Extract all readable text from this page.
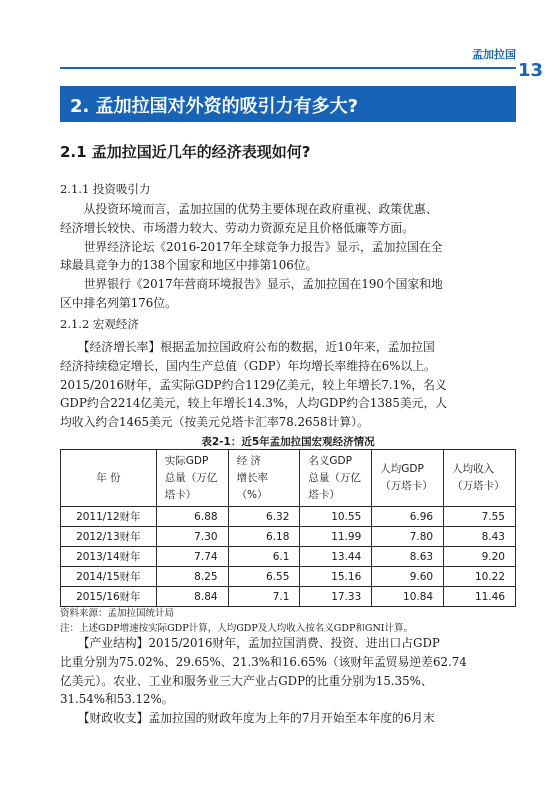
孟加拉国
13
2. 孟加拉国对外资的吸引力有多大?
2.1 孟加拉国近几年的经济表现如何?
2.1.1 投资吸引力
　　从投资环境而言，孟加拉国的优势主要体现在政府重视、政策优惠、
经济增长较快、市场潜力较大、劳动力资源充足且价格低廉等方面。
　　世界经济论坛《2016-2017年全球竞争力报告》显示，孟加拉国在全
球最具竞争力的138个国家和地区中排第106位。
　　世界银行《2017年营商环境报告》显示，孟加拉国在190个国家和地
区中排名列第176位。
2.1.2 宏观经济
　　【经济增长率】根据孟加拉国政府公布的数据，近10年来，孟加拉国
经济持续稳定增长，国内生产总值（GDP）年均增长率维持在6%以上。
2015/2016财年，孟实际GDP约合1129亿美元，较上年增长7.1%，名义
GDP约合2214亿美元，较上年增长14.3%，人均GDP约合1385美元，人
均收入约合1465美元（按美元兑塔卡汇率78.2658计算）。
表2-1：近5年孟加拉国宏观经济情况
年 份	实际GDP
总量（万亿
塔卡）	经 济
增长率
（%）	名义GDP
总量（万亿
塔卡）	人均GDP
（万塔卡）	人均收入
（万塔卡）
2011/12财年	6.88	6.32	10.55	6.96	7.55
2012/13财年	7.30	6.18	11.99	7.80	8.43
2013/14财年	7.74	6.1	13.44	8.63	9.20
2014/15财年	8.25	6.55	15.16	9.60	10.22
2015/16财年	8.84	7.1	17.33	10.84	11.46
资料来源：孟加拉国统计局
注：上述GDP增速按实际GDP计算，人均GDP及人均收入按名义GDP和GNI计算。
　　【产业结构】2015/2016财年，孟加拉国消费、投资、进出口占GDP
比重分别为75.02%、29.65%、21.3%和16.65%（该财年孟贸易逆差62.74
亿美元）。农业、工业和服务业三大产业占GDP的比重分别为15.35%、
31.54%和53.12%。
　　【财政收支】孟加拉国的财政年度为上年的7月开始至本年度的6月末
